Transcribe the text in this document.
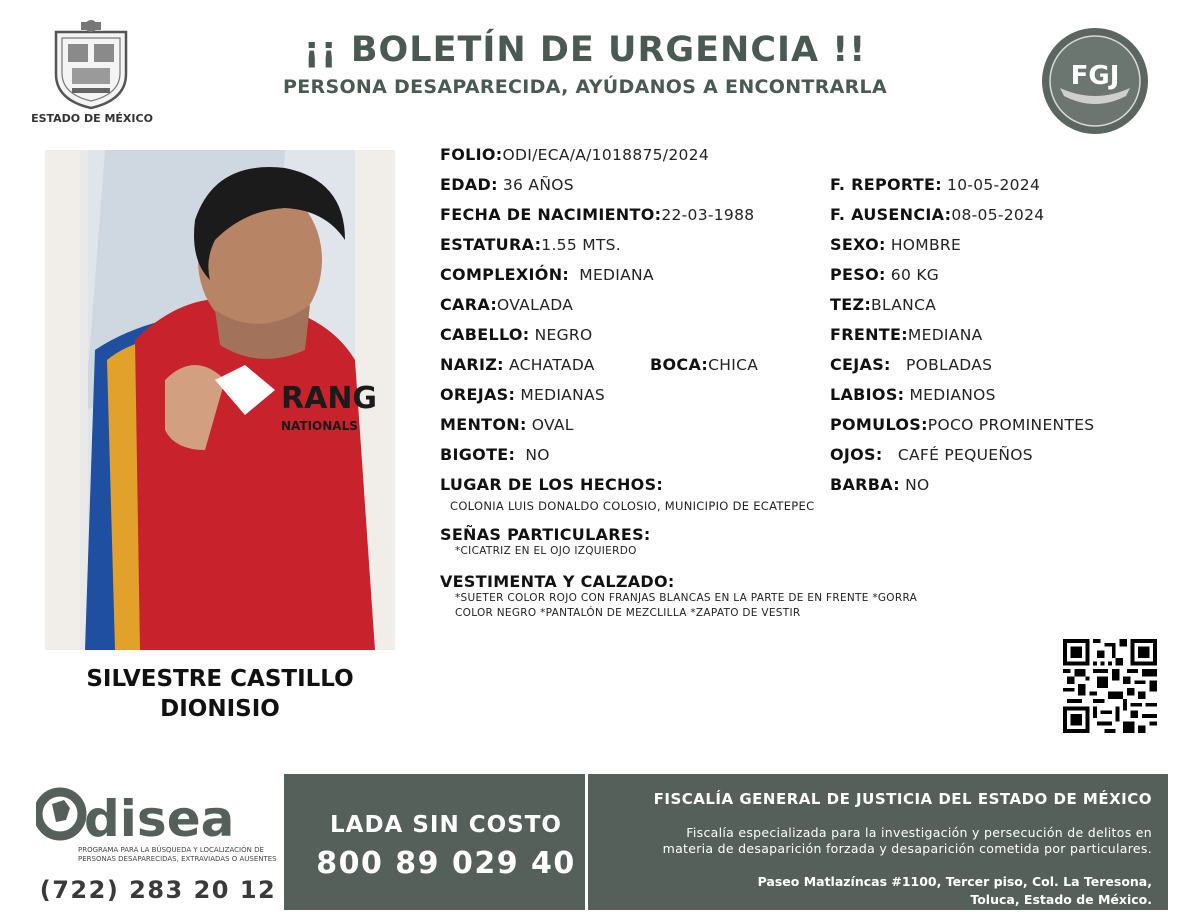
ESTADO DE MÉXICO
¡¡ BOLETÍN DE URGENCIA !!
PERSONA DESAPARECIDA, AYÚDANOS A ENCONTRARLA	FGJ
RANG
NATIONALS
SILVESTRE CASTILLO
DIONISIO
FOLIO:ODI/ECA/A/1018875/2024
EDAD: 36 AÑOS
FECHA DE NACIMIENTO:22-03-1988
ESTATURA:1.55 MTS.
COMPLEXIÓN: MEDIANA
CARA:OVALADA
CABELLO: NEGRO
NARIZ: ACHATADA	BOCA:CHICA
OREJAS: MEDIANAS
MENTON: OVAL
BIGOTE: NO
LUGAR DE LOS HECHOS:
COLONIA LUIS DONALDO COLOSIO, MUNICIPIO DE ECATEPEC
SEÑAS PARTICULARES:
*CICATRIZ EN EL OJO IZQUIERDO
VESTIMENTA Y CALZADO:
*SUETER COLOR ROJO CON FRANJAS BLANCAS EN LA PARTE DE EN FRENTE *GORRA
COLOR NEGRO *PANTALÓN DE MEZCLILLA *ZAPATO DE VESTIR
F. REPORTE: 10-05-2024
F. AUSENCIA:08-05-2024
SEXO: HOMBRE
PESO: 60 KG
TEZ:BLANCA
FRENTE:MEDIANA
CEJAS: POBLADAS
LABIOS: MEDIANOS
POMULOS:POCO PROMINENTES
OJOS: CAFÉ PEQUEÑOS
BARBA: NO
disea
PROGRAMA PARA LA BÚSQUEDA Y LOCALIZACIÓN DE PERSONAS DESAPARECIDAS, EXTRAVIADAS O AUSENTES
(722) 283 20 12
LADA SIN COSTO
800 89 029 40
FISCALÍA GENERAL DE JUSTICIA DEL ESTADO DE MÉXICO
Fiscalía especializada para la investigación y persecución de delitos en
materia de desaparición forzada y desaparición cometida por particulares.
Paseo Matlazíncas #1100, Tercer piso, Col. La Teresona,
Toluca, Estado de México.
